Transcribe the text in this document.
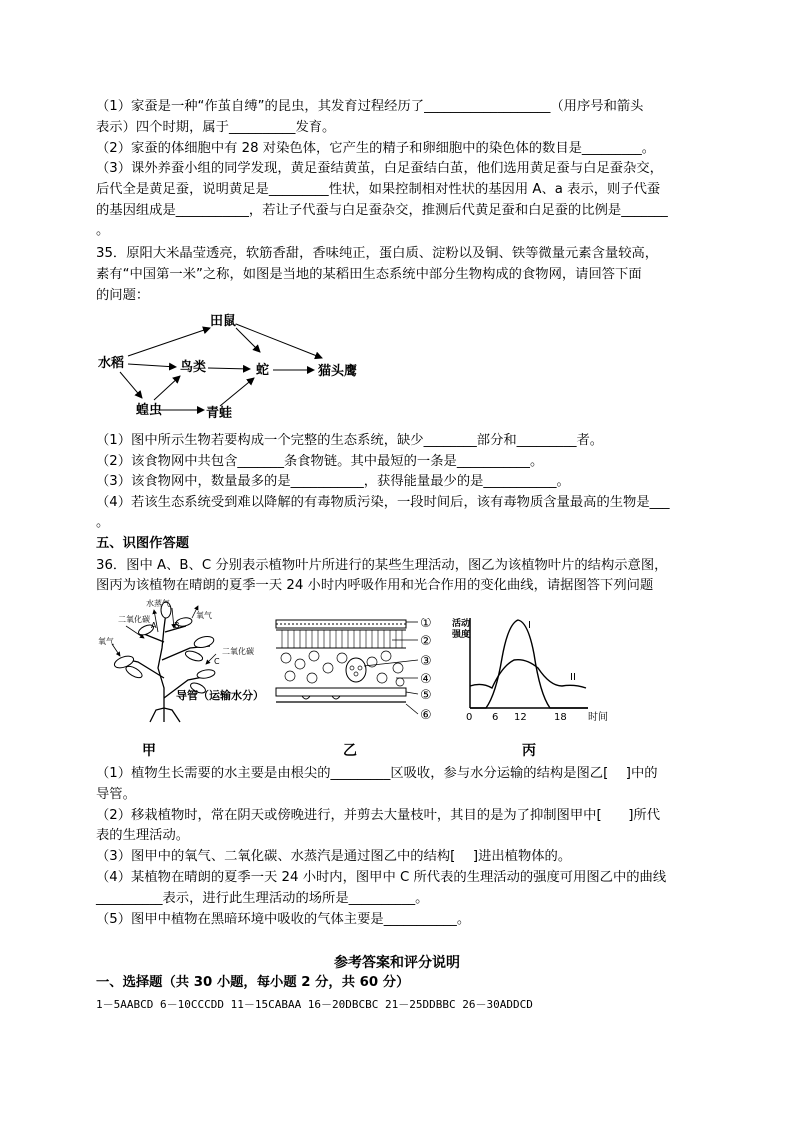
（1）家蚕是一种“作茧自缚”的昆虫，其发育过程经历了___________________（用序号和箭头
表示）四个时期，属于__________发育。
（2）家蚕的体细胞中有 28 对染色体，它产生的精子和卵细胞中的染色体的数目是_________。
（3）课外养蚕小组的同学发现，黄足蚕结黄茧，白足蚕结白茧，他们选用黄足蚕与白足蚕杂交，
后代全是黄足蚕，说明黄足是_________性状，如果控制相对性状的基因用 A、a 表示，则子代蚕
的基因组成是___________，若让子代蚕与白足蚕杂交，推测后代黄足蚕和白足蚕的比例是_______
。
35．原阳大米晶莹透亮，软筋香甜，香味纯正，蛋白质、淀粉以及铜、铁等微量元素含量较高，
素有“中国第一米”之称，如图是当地的某稻田生态系统中部分生物构成的食物网，请回答下面
的问题：
水稻
田鼠
鸟类	蛇	猫头鹰
蝗虫	青蛙
（1）图中所示生物若要构成一个完整的生态系统，缺少________部分和_________者。
（2）该食物网中共包含_______条食物链。其中最短的一条是___________。
（3）该食物网中，数量最多的是___________，获得能量最少的是___________。
（4）若该生态系统受到难以降解的有毒物质污染，一段时间后，该有毒物质含量最高的生物是___
。
五、识图作答题
36．图中 A、B、C 分别表示植物叶片所进行的某些生理活动，图乙为该植物叶片的结构示意图，
图丙为该植物在晴朗的夏季一天 24 小时内呼吸作用和光合作用的变化曲线，请据图答下列问题
水蒸气
二氧化碳	氧气
氧气
二氧化碳
A B
C
导管（运输水分）
①
②
③
④
⑤
⑥
活动
强度
I
II
0 6 12	18 时间
甲	乙	丙
（1）植物生长需要的水主要是由根尖的_________区吸收，参与水分运输的结构是图乙[　 ]中的
导管。
（2）移栽植物时，常在阴天或傍晚进行，并剪去大量枝叶，其目的是为了抑制图甲中[　　]所代
表的生理活动。
（3）图甲中的氧气、二氧化碳、水蒸汽是通过图乙中的结构[　 ]进出植物体的。
（4）某植物在晴朗的夏季一天 24 小时内，图甲中 C 所代表的生理活动的强度可用图乙中的曲线
__________表示，进行此生理活动的场所是__________。
（5）图甲中植物在黑暗环境中吸收的气体主要是___________。
参考答案和评分说明
一、选择题（共 30 小题，每小题 2 分，共 60 分）
1－5AABCD 6－10CCCDD 11－15CABAA 16－20DBCBC 21－25DDBBC 26－30ADDCD
